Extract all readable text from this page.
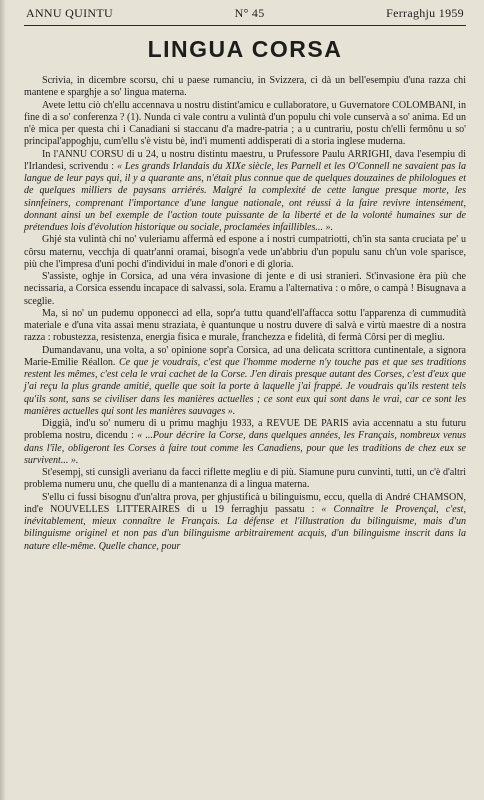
ANNU QUINTU	N° 45	Ferraghju 1959
LINGUA CORSA

Scrivìa, in dicembre scorsu, chi u paese rumanciu, in Svizzera, ci dà un bell'esempiu d'una razza chi mantene e sparghje a so' lingua materna.

Avete lettu ciò ch'ellu accennava u nostru distint'amicu e cullaboratore, u Guvernatore COLOMBANI, in fine di a so' conferenza ? (1). Nunda ci vale contru a vulintà d'un populu chi vole cunservà a so' anima. Ed un n'è mica per questa chi i Canadiani si staccanu d'a madre-patria ; a u cuntrariu, postu ch'elli fermônu u so' principal'appoghju, cum'ellu s'è vistu bè, ind'i mumenti addisperati di a storia inglese muderna.

In l'ANNU CORSU di u 24, u nostru distintu maestru, u Prufessore Paulu ARRIGHI, dava l'esempiu di l'Irlandesi, scrivendu : « Les grands Irlandais du XIXe siècle, les Parnell et les O'Connell ne savaient pas la langue de leur pays qui, il y a quarante ans, n'était plus connue que de quelques douzaines de philologues et de quelques milliers de paysans arriérés. Malgré la complexité de cette langue presque morte, les sinnfeiners, comprenant l'importance d'une langue nationale, ont réussi à la faire revivre intensément, donnant ainsi un bel exemple de l'action toute puissante de la liberté et de la volonté humaines sur de prétendues lois d'évolution historique ou sociale, proclamées infaillibles... ».

Ghjé sta vulintà chi no' vuleriamu affermà ed espone a i nostri cumpatriotti, ch'in sta santa cruciata pe' u côrsu maternu, vecchja di quatr'anni oramai, bisogn'a vede un'abbriu d'un populu sanu ch'un vole sparisce, più che l'impresa d'uni pochi d'individui in male d'onori e di gloria.

S'assiste, oghje in Corsica, ad una véra invasione di jente e di usi stranieri. St'invasione èra più che necissaria, a Corsica essendu incapace di salvassi, sola. Eramu a l'alternativa : o môre, o campà ! Bisugnava a sceglie.

Ma, si no' un pudemu opponecci ad ella, sopr'a tuttu quand'ell'affacca sottu l'apparenza di cummudità materiale e d'una vita assai menu straziata, è quantunque u nostru duvere di salvà e virtù maestre di a nostra razza : robustezza, resistenza, energia fisica e murale, franchezza e fidelità, di fermà Côrsi per di megliu.

Dumandavanu, una volta, a so' opinione sopr'a Corsica, ad una delicata scrittora cuntinentale, a signora Marie-Emilie Réallon. Ce que je voudrais, c'est que l'homme moderne n'y touche pas et que ses traditions restent les mêmes, c'est cela le vrai cachet de la Corse. J'en dirais presque autant des Corses, c'est d'eux que j'ai reçu la plus grande amitié, quelle que soit la porte à laquelle j'ai frappé. Je voudrais qu'ils restent tels qu'ils sont, sans se civiliser dans les manières actuelles ; ce sont eux qui sont dans le vrai, car ce sont les manières actuelles qui sont les manières sauvages ».

Diggià, ind'u so' numeru di u primu maghju 1933, a REVUE DE PARIS avìa accennatu a stu futuru problema nostru, dicendu : « ...Pour décrire la Corse, dans quelques années, les Français, nombreux venus dans l'île, obligeront les Corses à faire tout comme les Canadiens, pour que les traditions de chez eux se survivent... ».

St'esempj, sti cunsigli averìanu da facci riflette megliu e di più. Siamune puru cunvinti, tutti, un c'è d'altri problema numeru unu, che quellu di a mantenanza di a lingua materna.

S'ellu ci fussi bisognu d'un'altra prova, per ghjustificà u bilinguismu, eccu, quella di André CHAMSON, ind'e NOUVELLES LITTERAIRES di u 19 ferraghju passatu : « Connaître le Provençal, c'est, inévitablement, mieux connaître le Français. La défense et l'illustration du bilinguisme, mais d'un bilinguisme originel et non pas d'un bilinguisme arbitrairement acquis, d'un bilinguisme inscrit dans la nature elle-même. Quelle chance, pour
